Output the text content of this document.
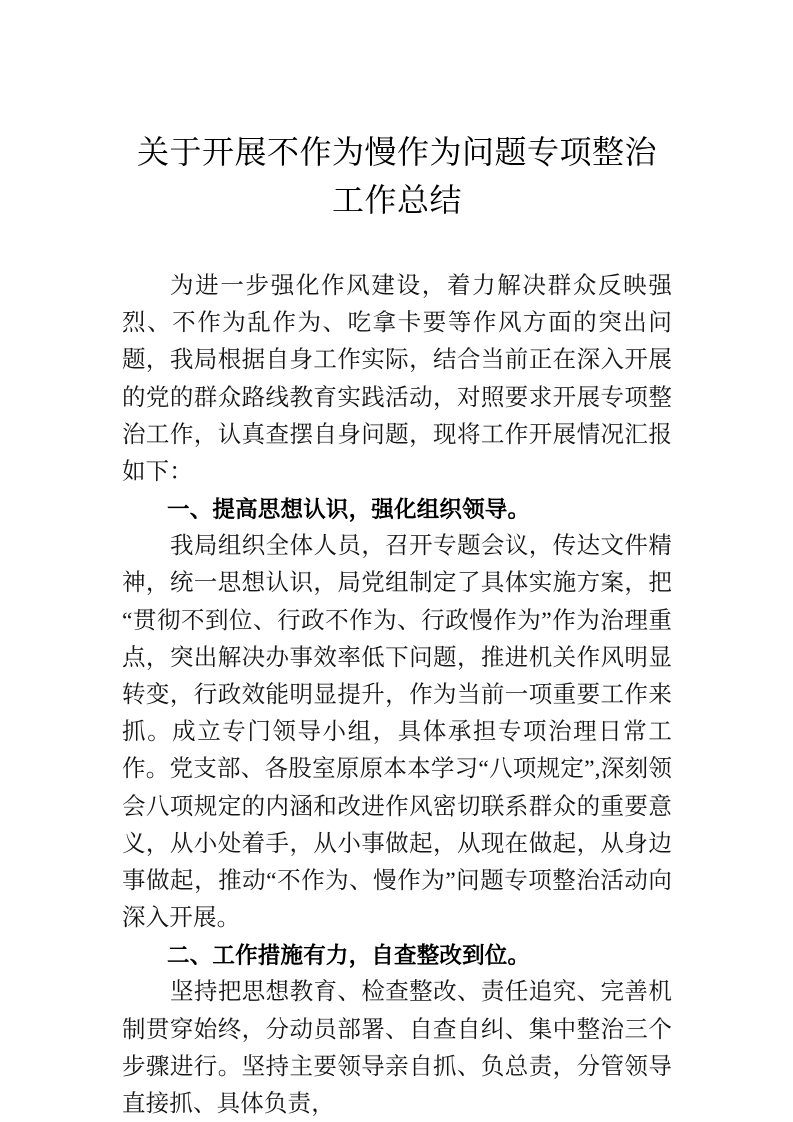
关于开展不作为慢作为问题专项整治工作总结

为进一步强化作风建设，着力解决群众反映强烈、不作为乱作为、吃拿卡要等作风方面的突出问题，我局根据自身工作实际，结合当前正在深入开展的党的群众路线教育实践活动，对照要求开展专项整治工作，认真查摆自身问题，现将工作开展情况汇报如下：

一、提高思想认识，强化组织领导。

我局组织全体人员，召开专题会议，传达文件精神，统一思想认识，局党组制定了具体实施方案，把“贯彻不到位、行政不作为、行政慢作为”作为治理重点，突出解决办事效率低下问题，推进机关作风明显转变，行政效能明显提升，作为当前一项重要工作来抓。成立专门领导小组，具体承担专项治理日常工作。党支部、各股室原原本本学习“八项规定”,深刻领会八项规定的内涵和改进作风密切联系群众的重要意义，从小处着手，从小事做起，从现在做起，从身边事做起，推动“不作为、慢作为”问题专项整治活动向深入开展。

二、工作措施有力，自查整改到位。

坚持把思想教育、检查整改、责任追究、完善机制贯穿始终，分动员部署、自查自纠、集中整治三个步骤进行。坚持主要领导亲自抓、负总责，分管领导直接抓、具体负责，
